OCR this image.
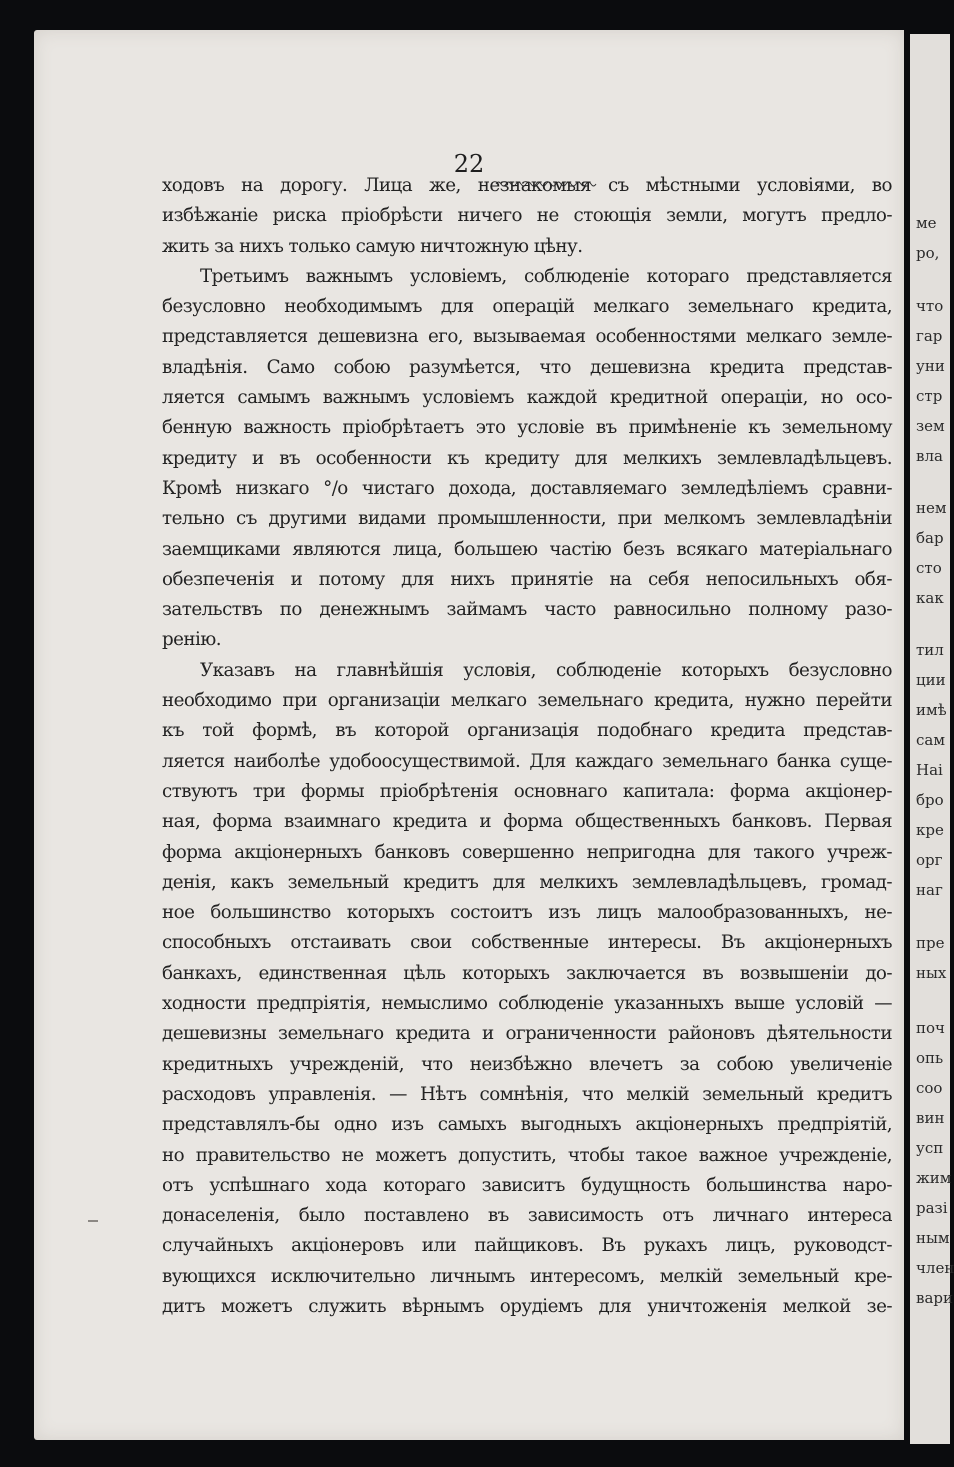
22
ходовъ на дорогу. Лица же, незнакомыя съ мѣстными условіями, во
избѣжаніе риска пріобрѣсти ничего не стоющія земли, могутъ предло-
жить за нихъ только самую ничтожную цѣну.
Третьимъ важнымъ условіемъ, соблюденіе котораго представляется
безусловно необходимымъ для операцій мелкаго земельнаго кредита,
представляется дешевизна его, вызываемая особенностями мелкаго земле-
владѣнія. Само собою разумѣется, что дешевизна кредита представ-
ляется самымъ важнымъ условіемъ каждой кредитной операціи, но осо-
бенную важность пріобрѣтаетъ это условіе въ примѣненіе къ земельному
кредиту и въ особенности къ кредиту для мелкихъ землевладѣльцевъ.
Кромѣ низкаго °/о чистаго дохода, доставляемаго земледѣліемъ сравни-
тельно съ другими видами промышленности, при мелкомъ землевладѣніи
заемщиками являются лица, большею частію безъ всякаго матеріальнаго
обезпеченія и потому для нихъ принятіе на себя непосильныхъ обя-
зательствъ по денежнымъ займамъ часто равносильно полному разо-
ренію.
Указавъ на главнѣйшія условія, соблюденіе которыхъ безусловно
необходимо при организаціи мелкаго земельнаго кредита, нужно перейти
къ той формѣ, въ которой организація подобнаго кредита представ-
ляется наиболѣе удобоосуществимой. Для каждаго земельнаго банка суще-
ствуютъ три формы пріобрѣтенія основнаго капитала: форма акціонер-
ная, форма взаимнаго кредита и форма общественныхъ банковъ. Первая
форма акціонерныхъ банковъ совершенно непригодна для такого учреж-
денія, какъ земельный кредитъ для мелкихъ землевладѣльцевъ, громад-
ное большинство которыхъ состоитъ изъ лицъ малообразованныхъ, не-
способныхъ отстаивать свои собственные интересы. Въ акціонерныхъ
банкахъ, единственная цѣль которыхъ заключается въ возвышеніи до-
ходности предпріятія, немыслимо соблюденіе указанныхъ выше условій —
дешевизны земельнаго кредита и ограниченности районовъ дѣятельности
кредитныхъ учрежденій, что неизбѣжно влечетъ за собою увеличеніе
расходовъ управленія. — Нѣтъ сомнѣнія, что мелкій земельный кредитъ
представлялъ-бы одно изъ самыхъ выгодныхъ акціонерныхъ предпріятій,
но правительство не можетъ допустить, чтобы такое важное учрежденіе,
отъ успѣшнаго хода котораго зависитъ будущность большинства наро-
донаселенія, было поставлено въ зависимость отъ личнаго интереса
случайныхъ акціонеровъ или пайщиковъ. Въ рукахъ лицъ, руководст-
вующихся исключительно личнымъ интересомъ, мелкій земельный кре-
дитъ можетъ служить вѣрнымъ орудіемъ для уничтоженія мелкой зе-
ме
ро,
что
гар
уни
стр
зем
вла
нем
бар
сто
как
тил
ции
имѣ
сам
Наі
бро
кре
орг
наг
пре
ных
поч
опь
соо
вин
усп
жим
разі
ным
член
вари
